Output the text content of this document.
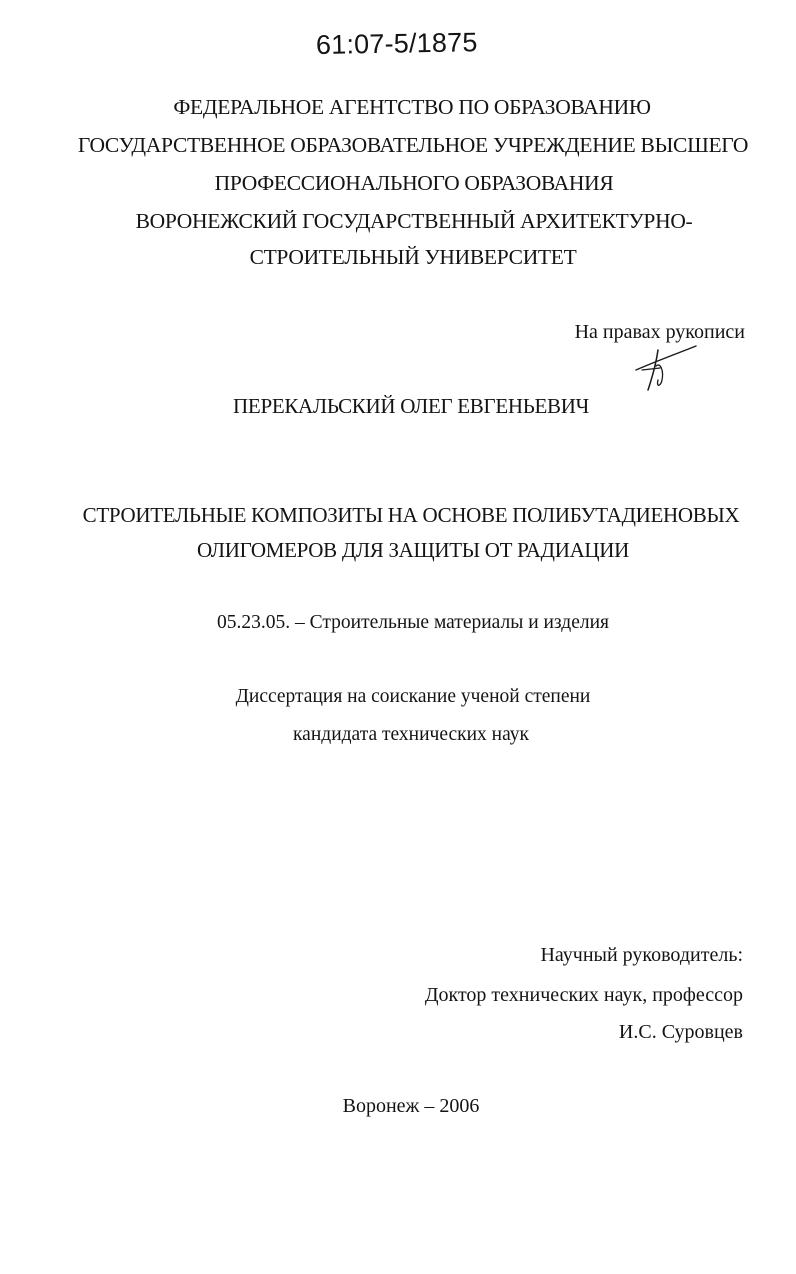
61:07-5/1875
ФЕДЕРАЛЬНОЕ АГЕНТСТВО ПО ОБРАЗОВАНИЮ
ГОСУДАРСТВЕННОЕ ОБРАЗОВАТЕЛЬНОЕ УЧРЕЖДЕНИЕ ВЫСШЕГО
ПРОФЕССИОНАЛЬНОГО ОБРАЗОВАНИЯ
ВОРОНЕЖСКИЙ ГОСУДАРСТВЕННЫЙ АРХИТЕКТУРНО-
СТРОИТЕЛЬНЫЙ УНИВЕРСИТЕТ
На правах рукописи
ПЕРЕКАЛЬСКИЙ ОЛЕГ ЕВГЕНЬЕВИЧ
СТРОИТЕЛЬНЫЕ КОМПОЗИТЫ НА ОСНОВЕ ПОЛИБУТАДИЕНОВЫХ
ОЛИГОМЕРОВ ДЛЯ ЗАЩИТЫ ОТ РАДИАЦИИ
05.23.05. – Строительные материалы и изделия
Диссертация на соискание ученой степени
кандидата технических наук
Научный руководитель:
Доктор технических наук, профессор
И.С. Суровцев
Воронеж – 2006
